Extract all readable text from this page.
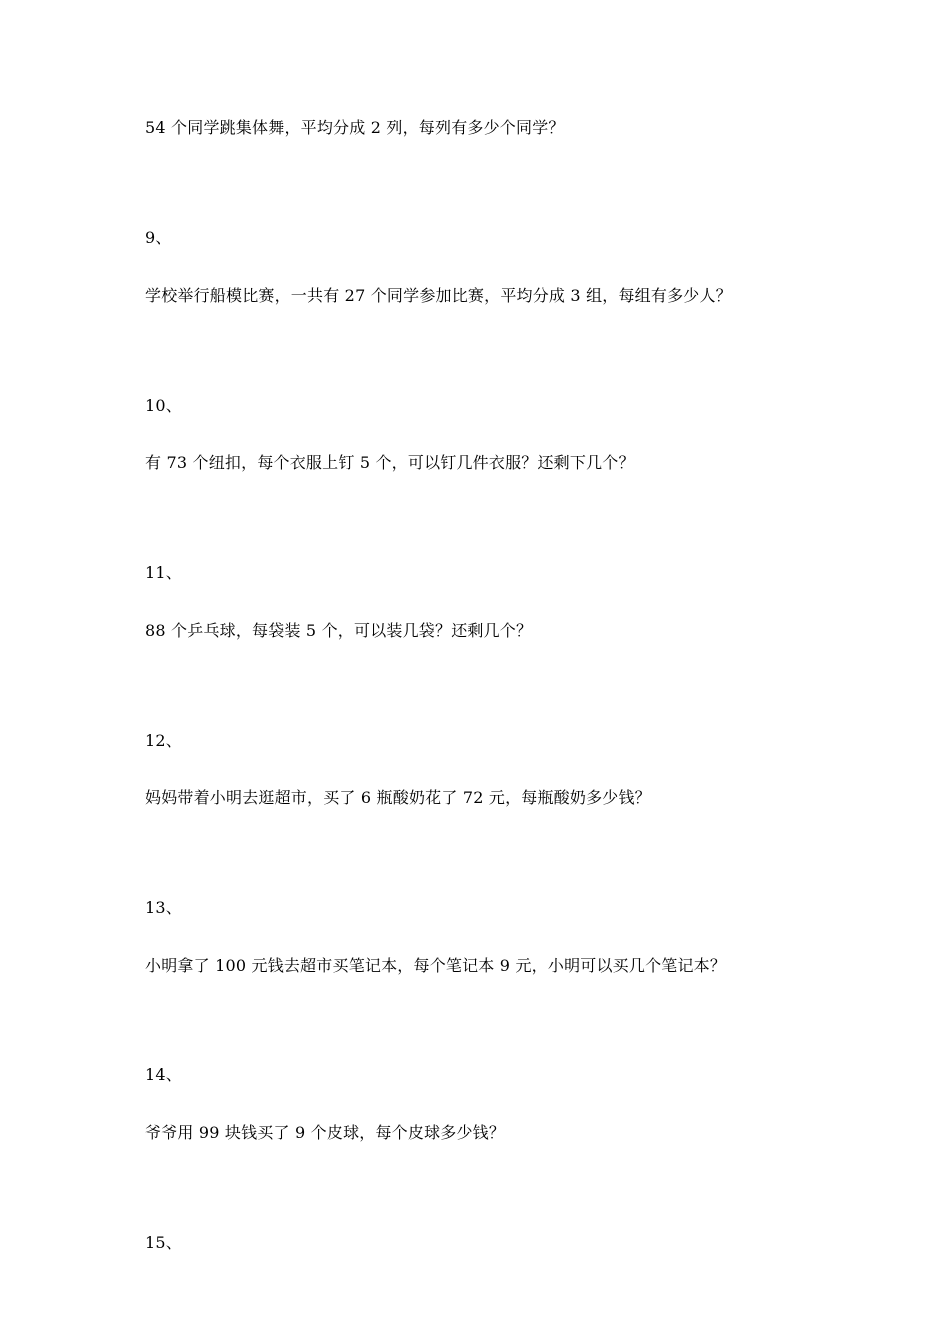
54 个同学跳集体舞，平均分成 2 列，每列有多少个同学？
9、
学校举行船模比赛，一共有 27 个同学参加比赛，平均分成 3 组，每组有多少人？
10、
有 73 个纽扣，每个衣服上钉 5 个，可以钉几件衣服？还剩下几个？
11、
88 个乒乓球，每袋装 5 个，可以装几袋？还剩几个？
12、
妈妈带着小明去逛超市，买了 6 瓶酸奶花了 72 元，每瓶酸奶多少钱？
13、
小明拿了 100 元钱去超市买笔记本，每个笔记本 9 元，小明可以买几个笔记本？
14、
爷爷用 99 块钱买了 9 个皮球，每个皮球多少钱？
15、
